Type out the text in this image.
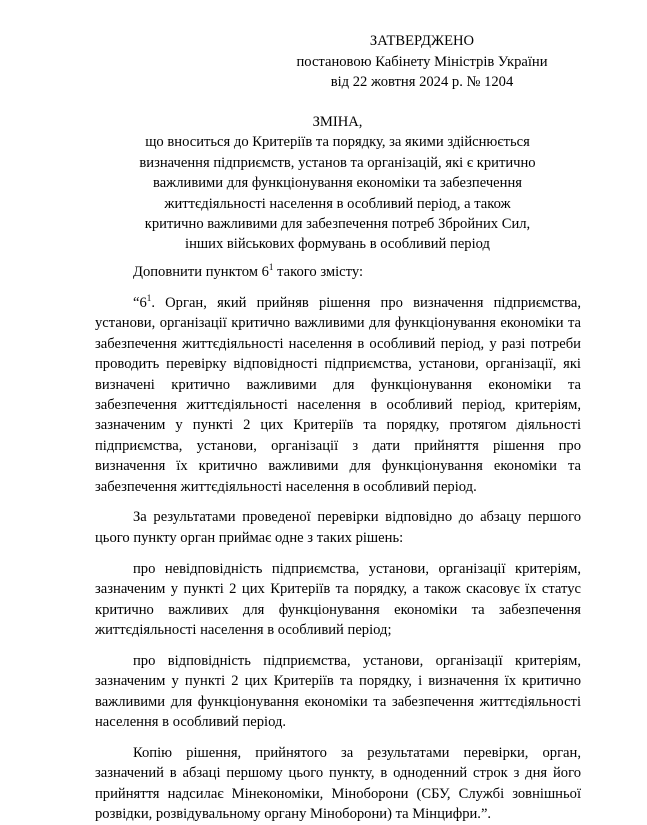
ЗАТВЕРДЖЕНО
постановою Кабінету Міністрів України
від 22 жовтня 2024 р. № 1204
ЗМІНА,
що вноситься до Критеріїв та порядку, за якими здійснюється
визначення підприємств, установ та організацій, які є критично
важливими для функціонування економіки та забезпечення
життєдіяльності населення в особливий період, а також
критично важливими для забезпечення потреб Збройних Сил,
інших військових формувань в особливий період

Доповнити пунктом $6^1$ такого змісту:

“$6^1$. Орган, який прийняв рішення про визначення підприємства, установи, організації критично важливими для функціонування економіки та забезпечення життєдіяльності населення в особливий період, у разі потреби проводить перевірку відповідності підприємства, установи, організації, які визначені критично важливими для функціонування економіки та забезпечення життєдіяльності населення в особливий період, критеріям, зазначеним у пункті 2 цих Критеріїв та порядку, протягом діяльності підприємства, установи, організації з дати прийняття рішення про визначення їх критично важливими для функціонування економіки та забезпечення життєдіяльності населення в особливий період.

За результатами проведеної перевірки відповідно до абзацу першого цього пункту орган приймає одне з таких рішень:

про невідповідність підприємства, установи, організації критеріям, зазначеним у пункті 2 цих Критеріїв та порядку, а також скасовує їх статус критично важливих для функціонування економіки та забезпечення життєдіяльності населення в особливий період;

про відповідність підприємства, установи, організації критеріям, зазначеним у пункті 2 цих Критеріїв та порядку, і визначення їх критично важливими для функціонування економіки та забезпечення життєдіяльності населення в особливий період.

Копію рішення, прийнятого за результатами перевірки, орган, зазначений в абзаці першому цього пункту, в одноденний строк з дня його прийняття надсилає Мінекономіки, Міноборони (СБУ, Службі зовнішньої розвідки, розвідувальному органу Міноборони) та Мінцифри.”.
